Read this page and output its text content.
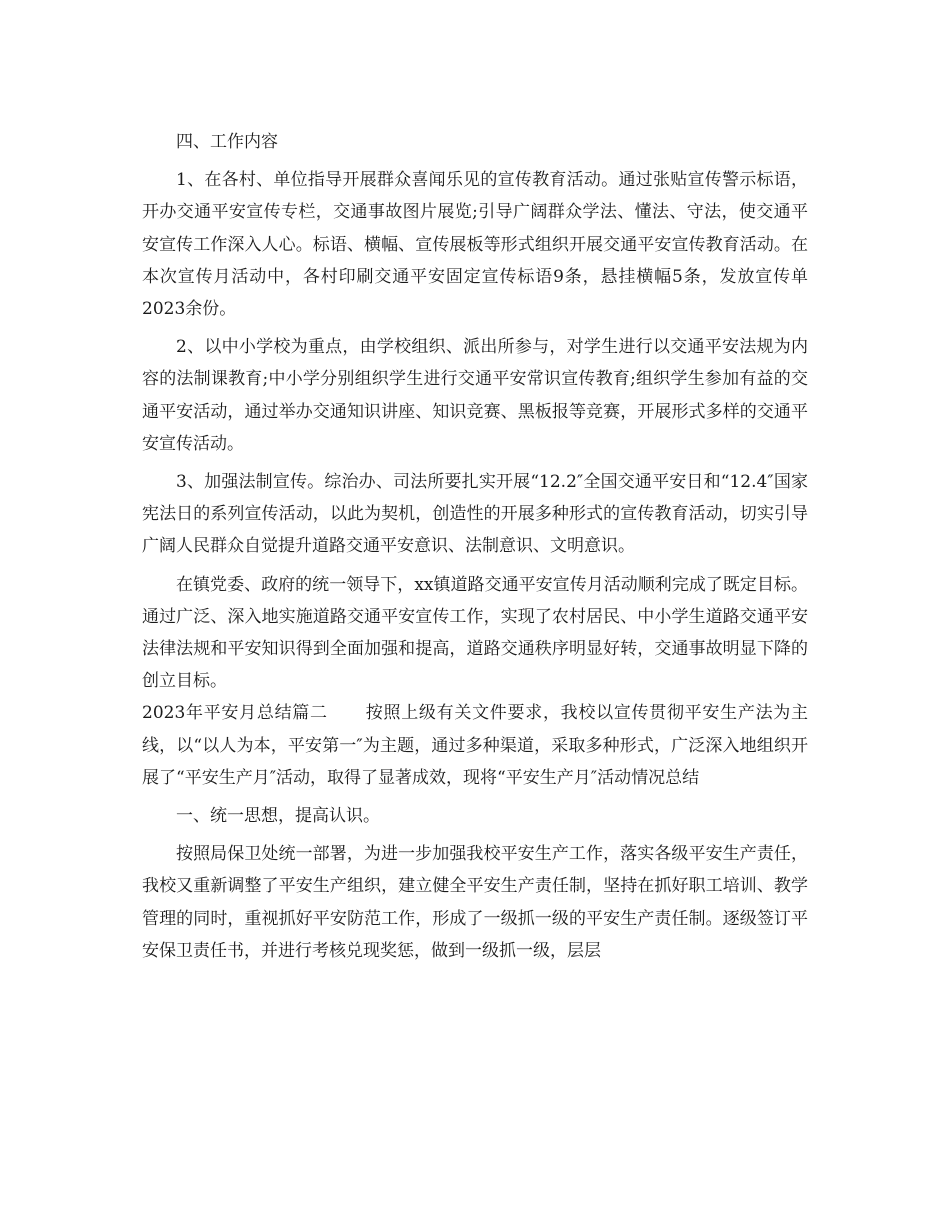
四、工作内容

1、在各村、单位指导开展群众喜闻乐见的宣传教育活动。通过张贴宣传警示标语，开办交通平安宣传专栏，交通事故图片展览;引导广阔群众学法、懂法、守法，使交通平安宣传工作深入人心。标语、横幅、宣传展板等形式组织开展交通平安宣传教育活动。在本次宣传月活动中，各村印刷交通平安固定宣传标语9条，悬挂横幅5条，发放宣传单2023余份。

2、以中小学校为重点，由学校组织、派出所参与，对学生进行以交通平安法规为内容的法制课教育;中小学分别组织学生进行交通平安常识宣传教育;组织学生参加有益的交通平安活动，通过举办交通知识讲座、知识竞赛、黑板报等竞赛，开展形式多样的交通平安宣传活动。

3、加强法制宣传。综治办、司法所要扎实开展“12.2″全国交通平安日和“12.4″国家宪法日的系列宣传活动，以此为契机，创造性的开展多种形式的宣传教育活动，切实引导广阔人民群众自觉提升道路交通平安意识、法制意识、文明意识。

在镇党委、政府的统一领导下，xx镇道路交通平安宣传月活动顺利完成了既定目标。通过广泛、深入地实施道路交通平安宣传工作，实现了农村居民、中小学生道路交通平安法律法规和平安知识得到全面加强和提高，道路交通秩序明显好转，交通事故明显下降的创立目标。

2023年平安月总结篇二 按照上级有关文件要求，我校以宣传贯彻平安生产法为主线，以“以人为本，平安第一″为主题，通过多种渠道，采取多种形式，广泛深入地组织开展了“平安生产月″活动，取得了显著成效，现将“平安生产月″活动情况总结

一、统一思想，提高认识。

按照局保卫处统一部署，为进一步加强我校平安生产工作，落实各级平安生产责任，我校又重新调整了平安生产组织，建立健全平安生产责任制，坚持在抓好职工培训、教学管理的同时，重视抓好平安防范工作，形成了一级抓一级的平安生产责任制。逐级签订平安保卫责任书，并进行考核兑现奖惩，做到一级抓一级，层层
